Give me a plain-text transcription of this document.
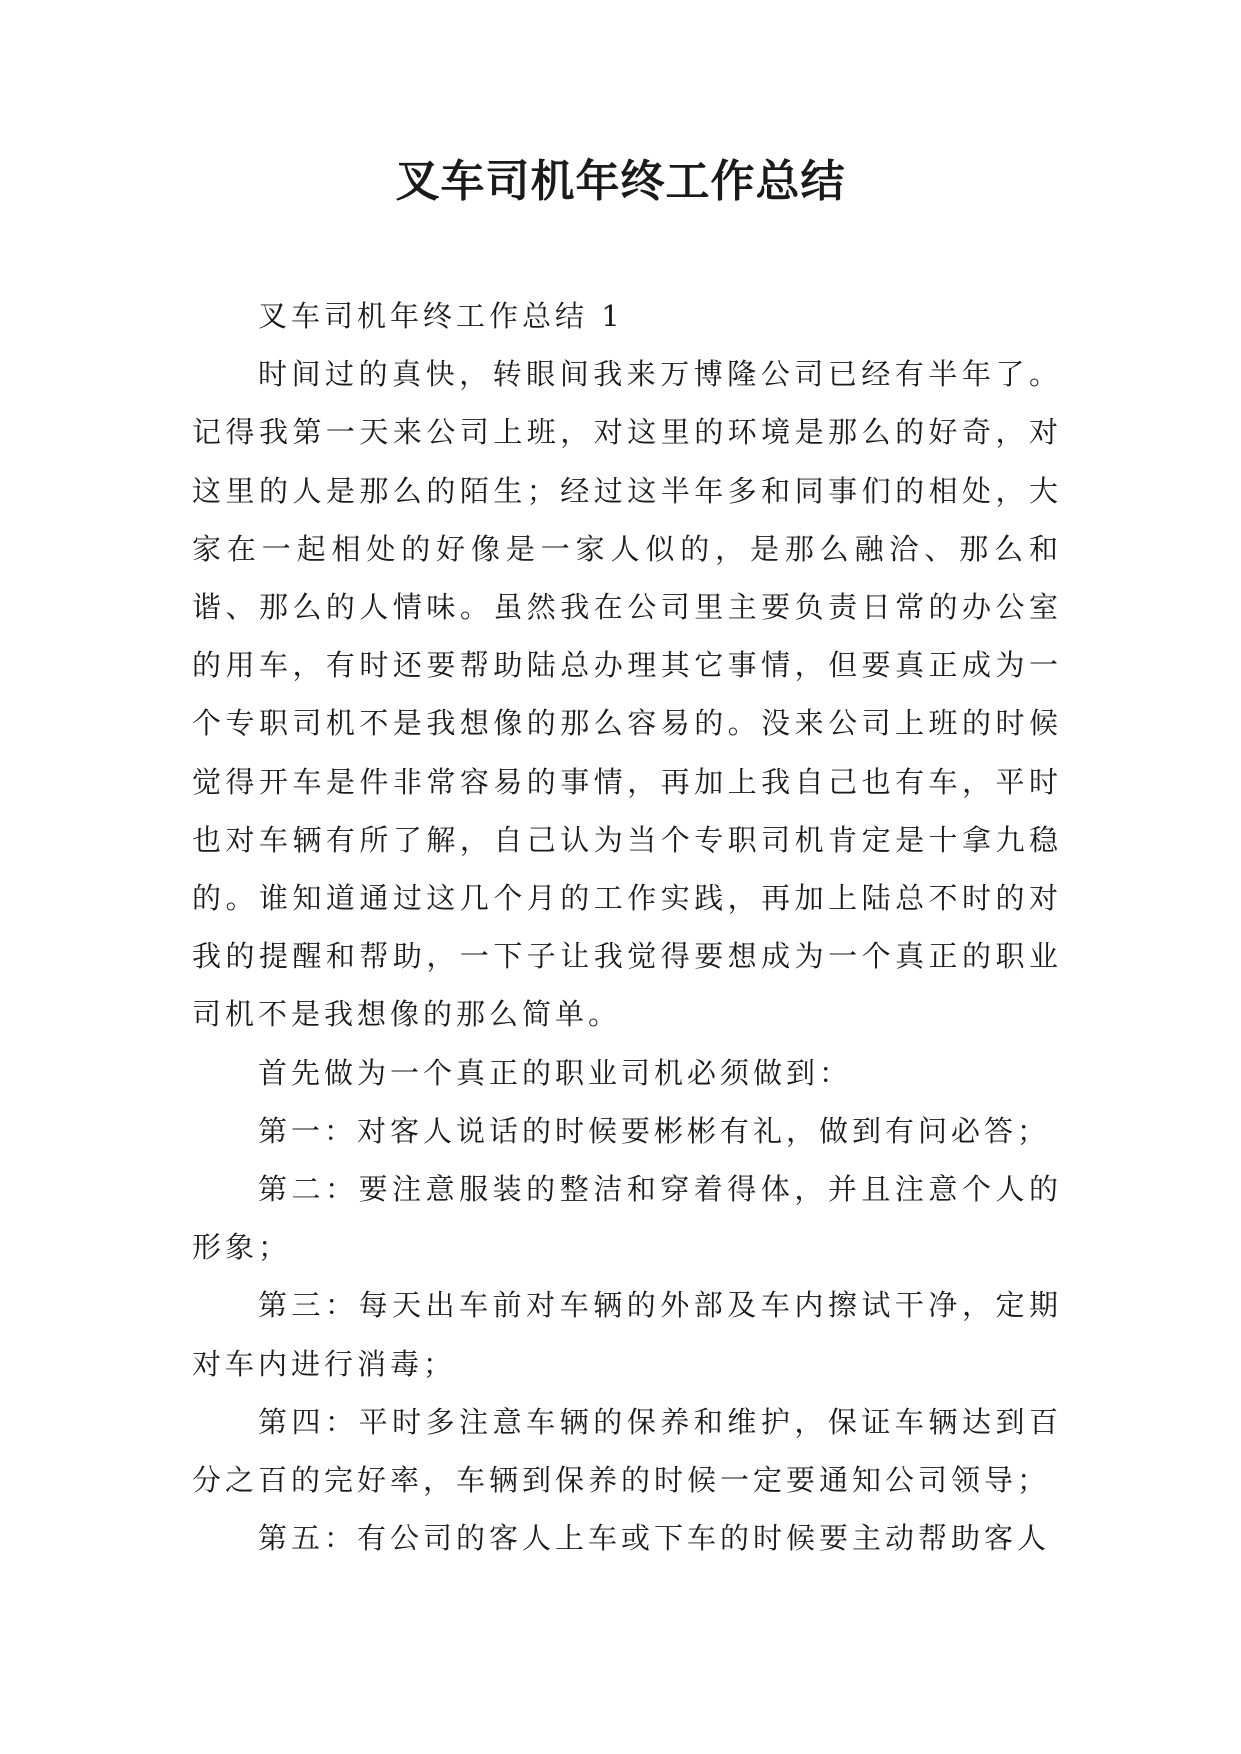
叉车司机年终工作总结

叉车司机年终工作总结 1

时间过的真快，转眼间我来万博隆公司已经有半年了。记得我第一天来公司上班，对这里的环境是那么的好奇，对这里的人是那么的陌生；经过这半年多和同事们的相处，大家在一起相处的好像是一家人似的，是那么融洽、那么和谐、那么的人情味。虽然我在公司里主要负责日常的办公室的用车，有时还要帮助陆总办理其它事情，但要真正成为一个专职司机不是我想像的那么容易的。没来公司上班的时候觉得开车是件非常容易的事情，再加上我自己也有车，平时也对车辆有所了解，自己认为当个专职司机肯定是十拿九稳的。谁知道通过这几个月的工作实践，再加上陆总不时的对我的提醒和帮助，一下子让我觉得要想成为一个真正的职业司机不是我想像的那么简单。

首先做为一个真正的职业司机必须做到：

第一：对客人说话的时候要彬彬有礼，做到有问必答；

第二：要注意服装的整洁和穿着得体，并且注意个人的形象；

第三：每天出车前对车辆的外部及车内擦试干净，定期对车内进行消毒；

第四：平时多注意车辆的保养和维护，保证车辆达到百分之百的完好率，车辆到保养的时候一定要通知公司领导；

第五：有公司的客人上车或下车的时候要主动帮助客人
